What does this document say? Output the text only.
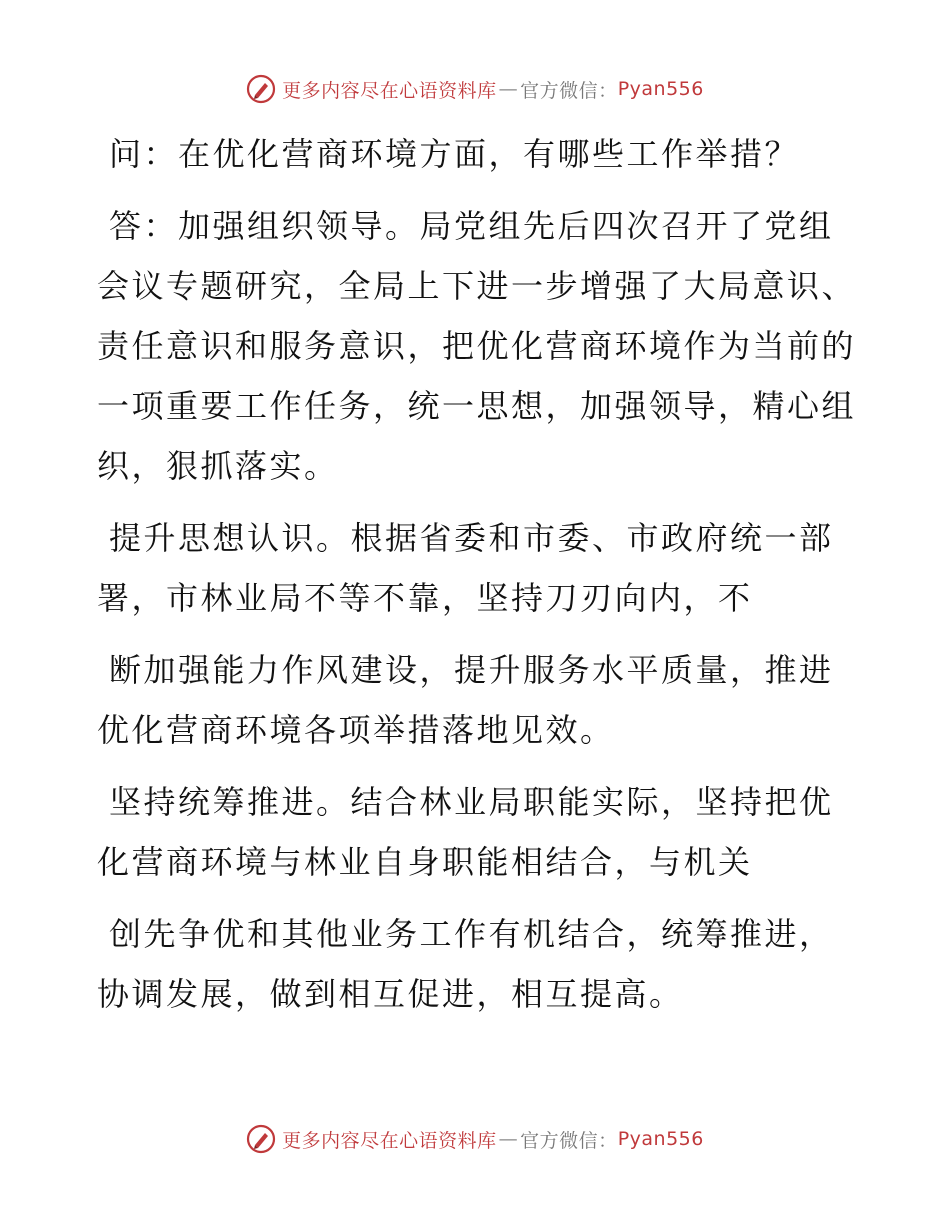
更多内容尽在心语资料库 — 官方微信： Pyan556
问：在优化营商环境方面，有哪些工作举措？
答：加强组织领导。局党组先后四次召开了党组
会议专题研究，全局上下进一步增强了大局意识、
责任意识和服务意识，把优化营商环境作为当前的
一项重要工作任务，统一思想，加强领导，精心组
织，狠抓落实。
提升思想认识。根据省委和市委、市政府统一部
署，市林业局不等不靠，坚持刀刃向内，不
断加强能力作风建设，提升服务水平质量，推进
优化营商环境各项举措落地见效。
坚持统筹推进。结合林业局职能实际，坚持把优
化营商环境与林业自身职能相结合，与机关
创先争优和其他业务工作有机结合，统筹推进，
协调发展，做到相互促进，相互提高。
更多内容尽在心语资料库 — 官方微信： Pyan556
